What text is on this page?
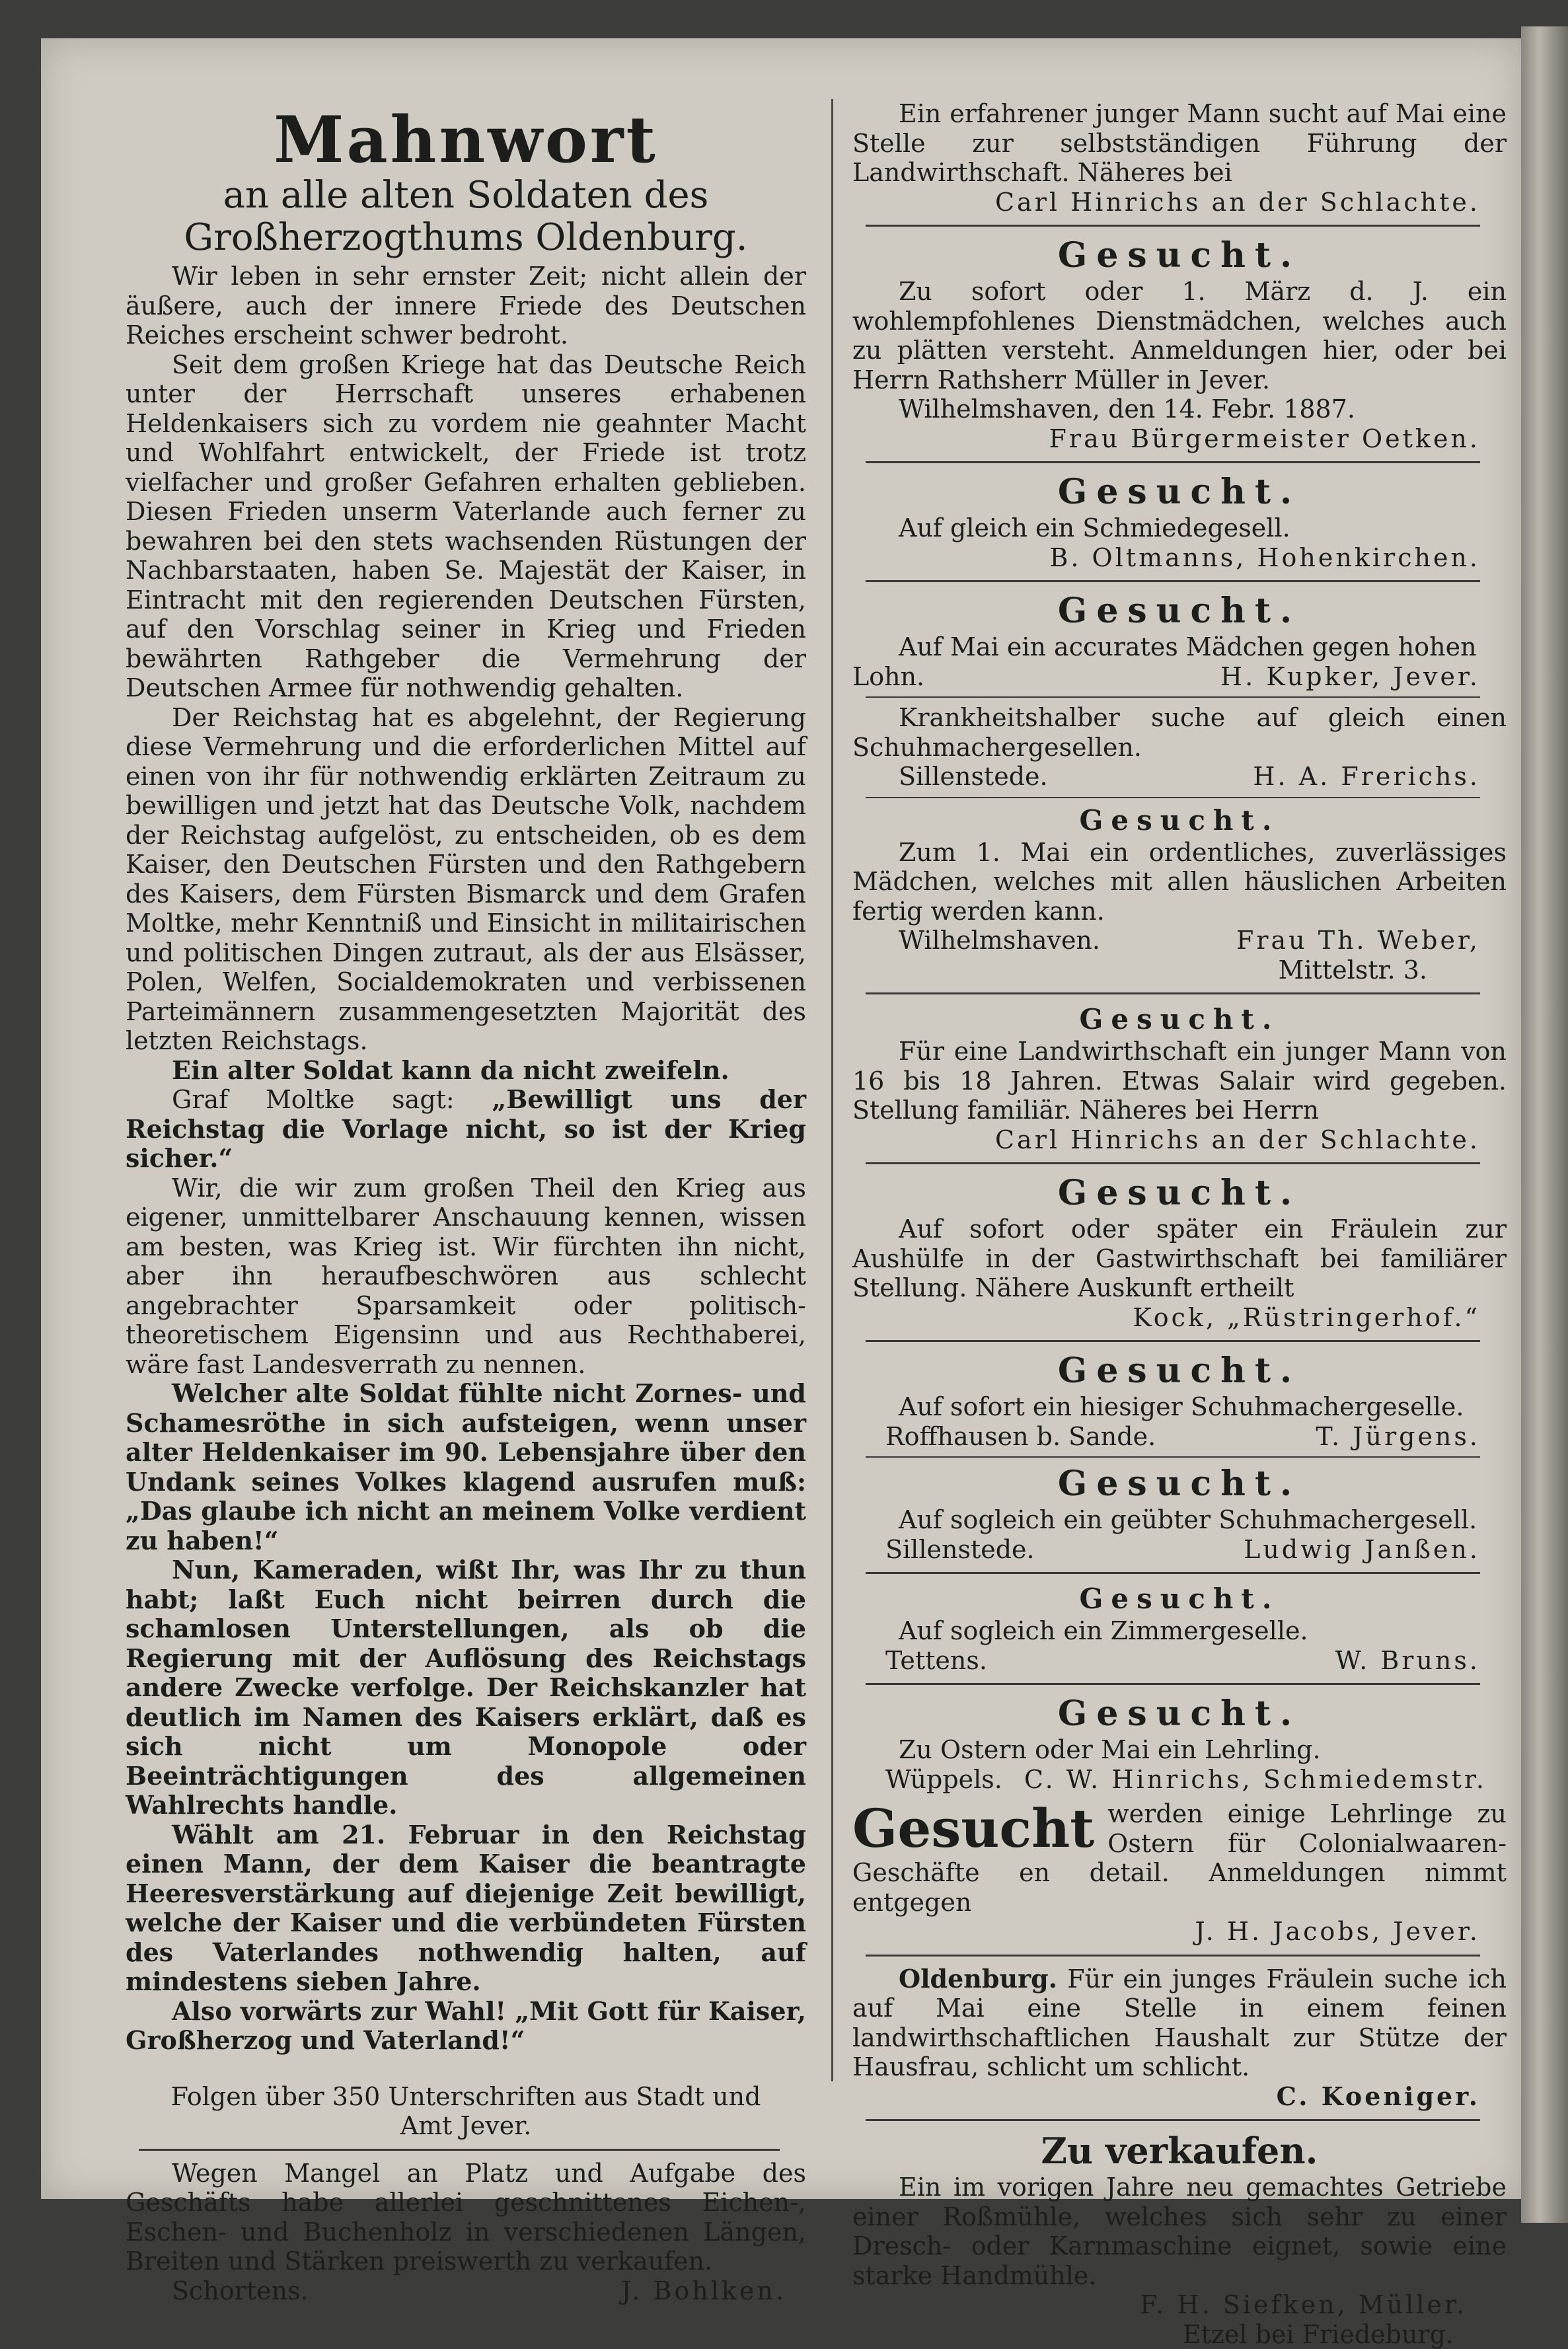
Mahnwort
an alle alten Soldaten des Großherzogthums Oldenburg.

Wir leben in sehr ernster Zeit; nicht allein der äußere, auch der innere Friede des Deutschen Reiches erscheint schwer bedroht.

Seit dem großen Kriege hat das Deutsche Reich unter der Herrschaft unseres erhabenen Heldenkaisers sich zu vordem nie geahnter Macht und Wohlfahrt entwickelt, der Friede ist trotz vielfacher und großer Gefahren erhalten geblieben. Diesen Frieden unserm Vaterlande auch ferner zu bewahren bei den stets wachsenden Rüstungen der Nachbarstaaten, haben Se. Majestät der Kaiser, in Eintracht mit den regierenden Deutschen Fürsten, auf den Vorschlag seiner in Krieg und Frieden bewährten Rathgeber die Vermehrung der Deutschen Armee für nothwendig gehalten.

Der Reichstag hat es abgelehnt, der Regierung diese Vermehrung und die erforderlichen Mittel auf einen von ihr für nothwendig erklärten Zeitraum zu bewilligen und jetzt hat das Deutsche Volk, nachdem der Reichstag aufgelöst, zu entscheiden, ob es dem Kaiser, den Deutschen Fürsten und den Rathgebern des Kaisers, dem Fürsten Bismarck und dem Grafen Moltke, mehr Kenntniß und Einsicht in militairischen und politischen Dingen zutraut, als der aus Elsässer, Polen, Welfen, Socialdemokraten und verbissenen Parteimännern zusammengesetzten Majorität des letzten Reichstags.

Ein alter Soldat kann da nicht zweifeln.

Graf Moltke sagt: „Bewilligt uns der Reichstag die Vorlage nicht, so ist der Krieg sicher.“

Wir, die wir zum großen Theil den Krieg aus eigener, unmittelbarer Anschauung kennen, wissen am besten, was Krieg ist. Wir fürchten ihn nicht, aber ihn heraufbeschwören aus schlecht angebrachter Sparsamkeit oder politisch-theoretischem Eigensinn und aus Rechthaberei, wäre fast Landesverrath zu nennen.

Welcher alte Soldat fühlte nicht Zornes- und Schamesröthe in sich aufsteigen, wenn unser alter Heldenkaiser im 90. Lebensjahre über den Undank seines Volkes klagend ausrufen muß: „Das glaube ich nicht an meinem Volke verdient zu haben!“

Nun, Kameraden, wißt Ihr, was Ihr zu thun habt; laßt Euch nicht beirren durch die schamlosen Unterstellungen, als ob die Regierung mit der Auflösung des Reichstags andere Zwecke verfolge. Der Reichskanzler hat deutlich im Namen des Kaisers erklärt, daß es sich nicht um Monopole oder Beeinträchtigungen des allgemeinen Wahlrechts handle.

Wählt am 21. Februar in den Reichstag einen Mann, der dem Kaiser die beantragte Heeresverstärkung auf diejenige Zeit bewilligt, welche der Kaiser und die verbündeten Fürsten des Vaterlandes nothwendig halten, auf mindestens sieben Jahre.

Also vorwärts zur Wahl! „Mit Gott für Kaiser, Großherzog und Vaterland!“

Folgen über 350 Unterschriften aus Stadt und Amt Jever.

Wegen Mangel an Platz und Aufgabe des Geschäfts habe allerlei geschnittenes Eichen-, Eschen- und Buchenholz in verschiedenen Längen, Breiten und Stärken preiswerth zu verkaufen.

Schortens.	J. Bohlken.

Ein erfahrener junger Mann sucht auf Mai eine Stelle zur selbstständigen Führung der Landwirthschaft. Näheres bei

Carl Hinrichs an der Schlachte.

Gesucht.

Zu sofort oder 1. März d. J. ein wohlempfohlenes Dienstmädchen, welches auch zu plätten versteht. Anmeldungen hier, oder bei Herrn Rathsherr Müller in Jever.

Wilhelmshaven, den 14. Febr. 1887.

Frau Bürgermeister Oetken.

Gesucht.

Auf gleich ein Schmiedegesell.

B. Oltmanns, Hohenkirchen.

Gesucht.

Auf Mai ein accurates Mädchen gegen hohen

Lohn.	H. Kupker, Jever.

Krankheitshalber suche auf gleich einen Schuhmachergesellen.

Sillenstede.	H. A. Frerichs.
Gesucht.

Zum 1. Mai ein ordentliches, zuverlässiges Mädchen, welches mit allen häuslichen Arbeiten fertig werden kann.

Wilhelmshaven.	Frau Th. Weber,

Mittelstr. 3.

Gesucht.

Für eine Landwirthschaft ein junger Mann von 16 bis 18 Jahren. Etwas Salair wird gegeben. Stellung familiär. Näheres bei Herrn

Carl Hinrichs an der Schlachte.

Gesucht.

Auf sofort oder später ein Fräulein zur Aushülfe in der Gastwirthschaft bei familiärer Stellung. Nähere Auskunft ertheilt

Kock, „Rüstringerhof.“

Gesucht.

Auf sofort ein hiesiger Schuhmachergeselle.

Roffhausen b. Sande.	T. Jürgens.
Gesucht.

Auf sogleich ein geübter Schuhmachergesell.

Sillenstede.	Ludwig Janßen.
Gesucht.

Auf sogleich ein Zimmergeselle.

Tettens.	W. Bruns.
Gesucht.

Zu Ostern oder Mai ein Lehrling.

Wüppels. C. W. Hinrichs, Schmiedemstr.
Gesucht werden einige Lehrlinge zu Ostern für Colonialwaaren-Geschäfte en detail. Anmeldungen nimmt entgegen

J. H. Jacobs, Jever.

Oldenburg. Für ein junges Fräulein suche ich auf Mai eine Stelle in einem feinen landwirthschaftlichen Haushalt zur Stütze der Hausfrau, schlicht um schlicht.

C. Koeniger.

Zu verkaufen.

Ein im vorigen Jahre neu gemachtes Getriebe einer Roßmühle, welches sich sehr zu einer Dresch- oder Karnmaschine eignet, sowie eine starke Handmühle.

F. H. Siefken, Müller.

Etzel bei Friedeburg.
